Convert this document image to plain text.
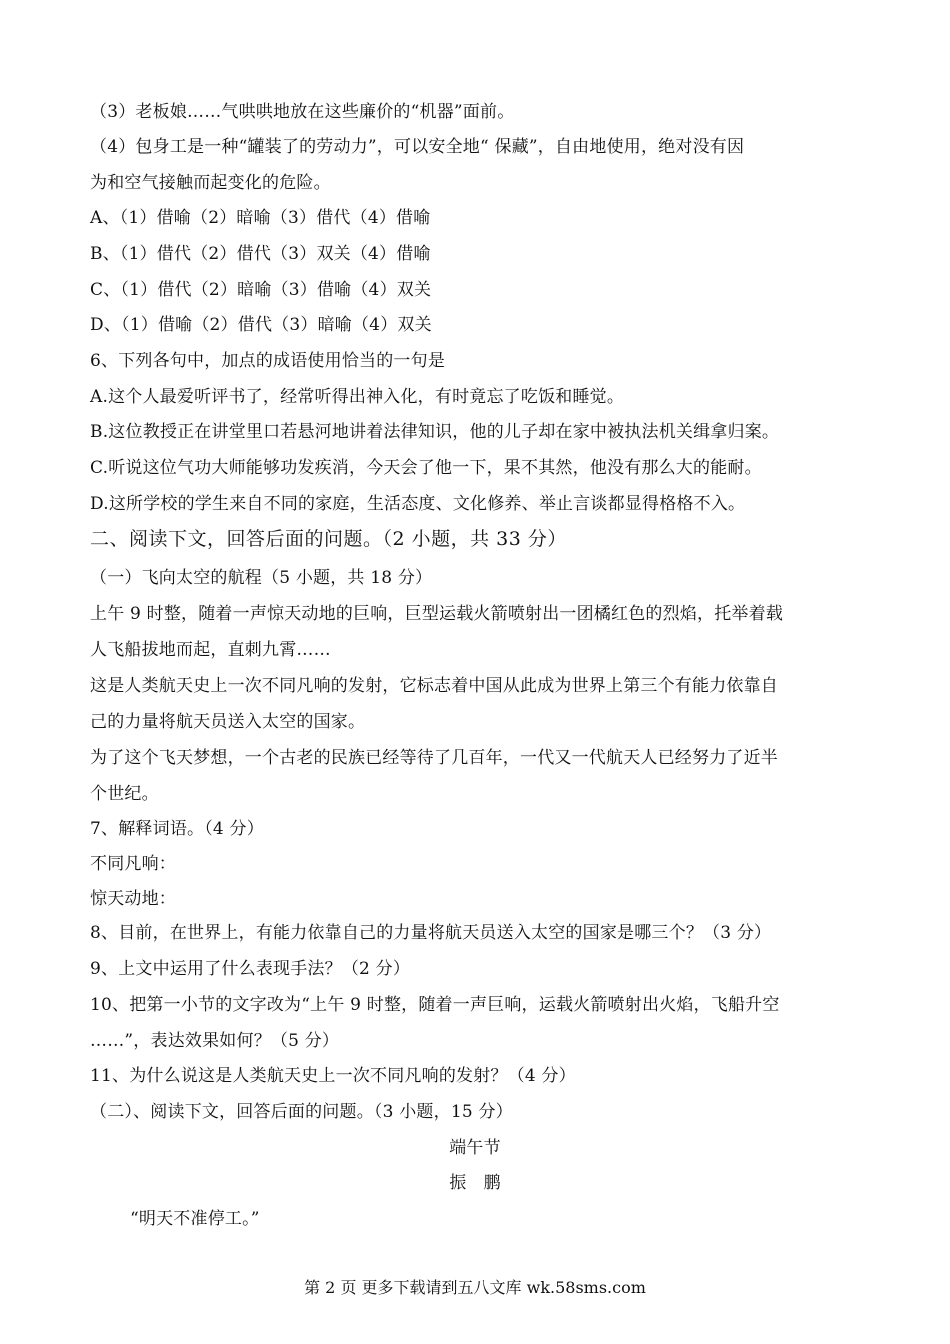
（3）老板娘……气哄哄地放在这些廉价的“机器”面前。
（4）包身工是一种“罐装了的劳动力”，可以安全地“ 保藏”，自由地使用，绝对没有因
为和空气接触而起变化的危险。
A、（1）借喻（2）暗喻（3）借代（4）借喻
B、（1）借代（2）借代（3）双关（4）借喻
C、（1）借代（2）暗喻（3）借喻（4）双关
D、（1）借喻（2）借代（3）暗喻（4）双关
6、下列各句中，加点的成语使用恰当的一句是
A.这个人最爱听评书了，经常听得出神入化，有时竟忘了吃饭和睡觉。
B.这位教授正在讲堂里口若悬河地讲着法律知识，他的儿子却在家中被执法机关缉拿归案。
C.听说这位气功大师能够功发疾消，今天会了他一下，果不其然，他没有那么大的能耐。
D.这所学校的学生来自不同的家庭，生活态度、文化修养、举止言谈都显得格格不入。
二、阅读下文，回答后面的问题。（2 小题，共 33 分）
（一）飞向太空的航程（5 小题，共 18 分）
上午 9 时整，随着一声惊天动地的巨响，巨型运载火箭喷射出一团橘红色的烈焰，托举着载
人飞船拔地而起，直刺九霄……
这是人类航天史上一次不同凡响的发射，它标志着中国从此成为世界上第三个有能力依靠自
己的力量将航天员送入太空的国家。
为了这个飞天梦想，一个古老的民族已经等待了几百年，一代又一代航天人已经努力了近半
个世纪。
7、解释词语。（4 分）
不同凡响：
惊天动地：
8、目前，在世界上，有能力依靠自己的力量将航天员送入太空的国家是哪三个？（3 分）
9、上文中运用了什么表现手法？（2 分）
10、把第一小节的文字改为“上午 9 时整，随着一声巨响，运载火箭喷射出火焰，飞船升空
……”，表达效果如何？（5 分）
11、为什么说这是人类航天史上一次不同凡响的发射？（4 分）
（二）、阅读下文，回答后面的问题。（3 小题，15 分）
端午节
振　鹏
“明天不准停工。”
第 2 页 更多下载请到五八文库 wk.58sms.com
